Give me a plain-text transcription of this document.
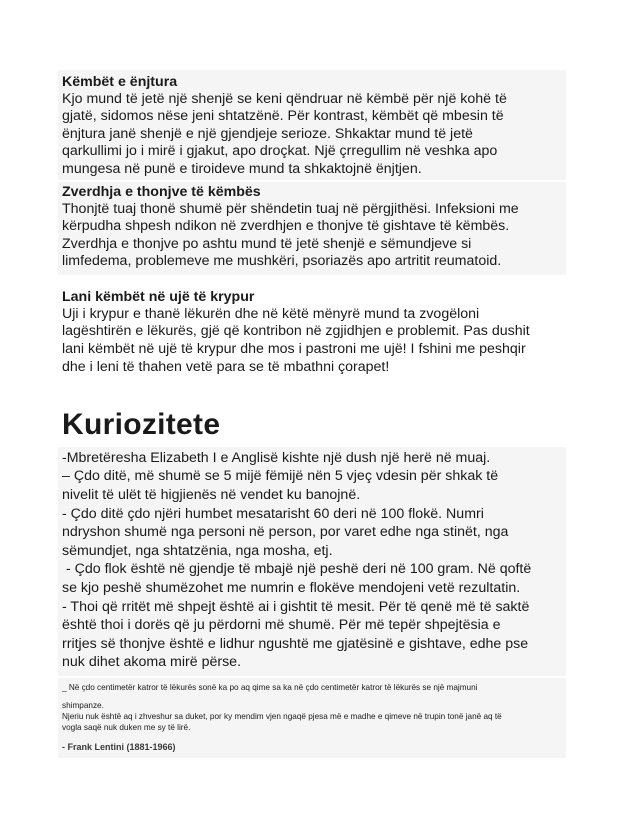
Këmbët e ënjtura

Kjo mund të jetë një shenjë se keni qëndruar në këmbë për një kohë të

gjatë, sidomos nëse jeni shtatzënë. Për kontrast, këmbët që mbesin të

ënjtura janë shenjë e një gjendjeje serioze. Shkaktar mund të jetë

qarkullimi jo i mirë i gjakut, apo droçkat. Një çrregullim në veshka apo

mungesa në punë e tiroideve mund ta shkaktojnë ënjtjen.

Zverdhja e thonjve të këmbës

Thonjtë tuaj thonë shumë për shëndetin tuaj në përgjithësi. Infeksioni me

kërpudha shpesh ndikon në zverdhjen e thonjve të gishtave të këmbës.

Zverdhja e thonjve po ashtu mund të jetë shenjë e sëmundjeve si

limfedema, problemeve me mushkëri, psoriazës apo artritit reumatoid.

Lani këmbët në ujë të krypur

Uji i krypur e thanë lëkurën dhe në këtë mënyrë mund ta zvogëloni

lagështirën e lëkurës, gjë që kontribon në zgjidhjen e problemit. Pas dushit

lani këmbët në ujë të krypur dhe mos i pastroni me ujë! I fshini me peshqir

dhe i leni të thahen vetë para se të mbathni çorapet!

Kuriozitete

-Mbretëresha Elizabeth I e Anglisë kishte një dush një herë në muaj.

– Çdo ditë, më shumë se 5 mijë fëmijë nën 5 vjeç vdesin për shkak të

nivelit të ulët të higjienës në vendet ku banojnë.

- Çdo ditë çdo njëri humbet mesatarisht 60 deri në 100 flokë. Numri

ndryshon shumë nga personi në person, por varet edhe nga stinët, nga

sëmundjet, nga shtatzënia, nga mosha, etj.

- Çdo flok është në gjendje të mbajë një peshë deri në 100 gram. Në qoftë

se kjo peshë shumëzohet me numrin e flokëve mendojeni vetë rezultatin.

- Thoi që rritët më shpejt është ai i gishtit të mesit. Për të qenë më të saktë

është thoi i dorës që ju përdorni më shumë. Për më tepër shpejtësia e

rritjes së thonjve është e lidhur ngushtë me gjatësinë e gishtave, edhe pse

nuk dihet akoma mirë përse.

_ Në çdo centimetër katror të lëkurës sonë ka po aq qime sa ka në çdo centimetër katror të lëkurës se një majmuni

shimpanze.

Njeriu nuk është aq i zhveshur sa duket, por ky mendim vjen ngaqë pjesa më e madhe e qimeve në trupin tonë janë aq të

vogla saqë nuk duken me sy të lirë.

- Frank Lentini (1881-1966)
